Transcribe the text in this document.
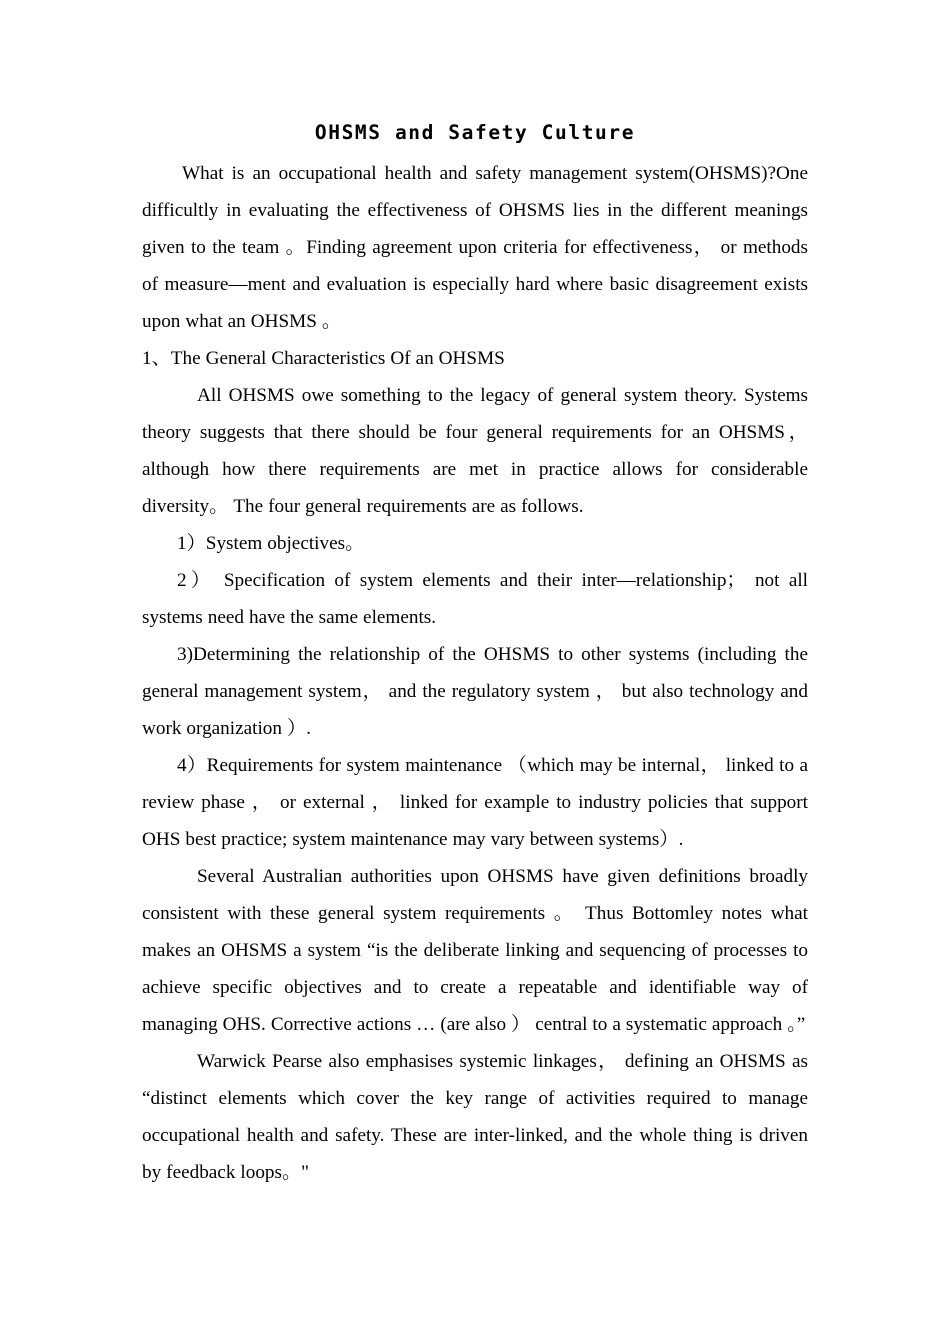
OHSMS and Safety Culture

What is an occupational health and safety management system(OHSMS)?One difficultly in evaluating the effectiveness of OHSMS lies in the different meanings given to the team 。Finding agreement upon criteria for effectiveness， or methods of measure—ment and evaluation is especially hard where basic disagreement exists upon what an OHSMS 。

1、The General Characteristics Of an OHSMS

All OHSMS owe something to the legacy of general system theory. Systems theory suggests that there should be four general requirements for an OHSMS，although how there requirements are met in practice allows for considerable diversity。 The four general requirements are as follows.

1）System objectives。

2） Specification of system elements and their inter—relationship； not all systems need have the same elements.

3)Determining the relationship of the OHSMS to other systems (including the general management system， and the regulatory system ， but also technology and work organization ）.

4）Requirements for system maintenance （which may be internal， linked to a review phase ， or external ， linked for example to industry policies that support OHS best practice; system maintenance may vary between systems）.

Several Australian authorities upon OHSMS have given definitions broadly consistent with these general system requirements 。 Thus Bottomley notes what makes an OHSMS a system “is the deliberate linking and sequencing of processes to achieve specific objectives and to create a repeatable and identifiable way of managing OHS. Corrective actions … (are also ） central to a systematic approach 。”

Warwick Pearse also emphasises systemic linkages， defining an OHSMS as “distinct elements which cover the key range of activities required to manage occupational health and safety. These are inter-linked, and the whole thing is driven by feedback loops。"
